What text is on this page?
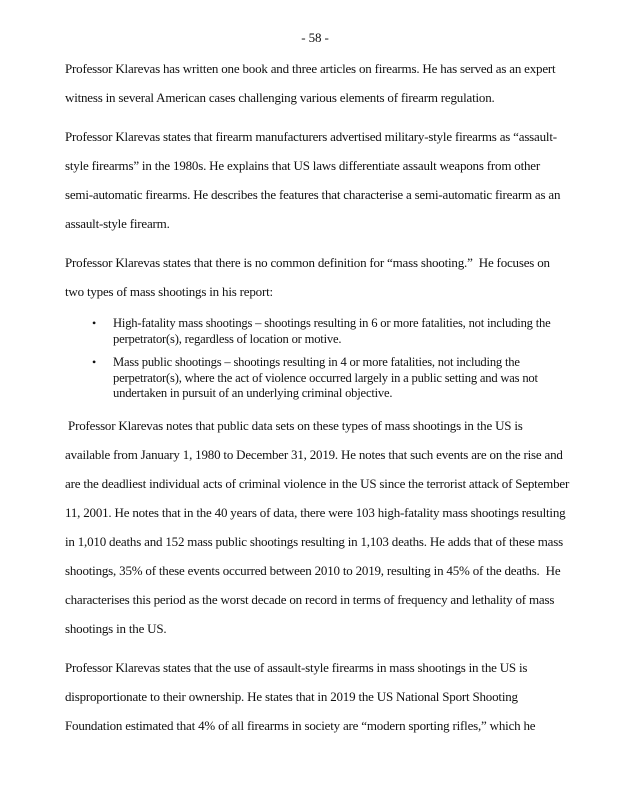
- 58 -
Professor Klarevas has written one book and three articles on firearms. He has served as an expert
witness in several American cases challenging various elements of firearm regulation.
Professor Klarevas states that firearm manufacturers advertised military-style firearms as “assault-
style firearms” in the 1980s. He explains that US laws differentiate assault weapons from other
semi-automatic firearms. He describes the features that characterise a semi-automatic firearm as an
assault-style firearm.
Professor Klarevas states that there is no common definition for “mass shooting.”  He focuses on
two types of mass shootings in his report:
•	High-fatality mass shootings – shootings resulting in 6 or more fatalities, not including the
perpetrator(s), regardless of location or motive.
•	Mass public shootings – shootings resulting in 4 or more fatalities, not including the
perpetrator(s), where the act of violence occurred largely in a public setting and was not
undertaken in pursuit of an underlying criminal objective.
Professor Klarevas notes that public data sets on these types of mass shootings in the US is
available from January 1, 1980 to December 31, 2019. He notes that such events are on the rise and
are the deadliest individual acts of criminal violence in the US since the terrorist attack of September
11, 2001. He notes that in the 40 years of data, there were 103 high-fatality mass shootings resulting
in 1,010 deaths and 152 mass public shootings resulting in 1,103 deaths. He adds that of these mass
shootings, 35% of these events occurred between 2010 to 2019, resulting in 45% of the deaths.  He
characterises this period as the worst decade on record in terms of frequency and lethality of mass
shootings in the US.
Professor Klarevas states that the use of assault-style firearms in mass shootings in the US is
disproportionate to their ownership. He states that in 2019 the US National Sport Shooting
Foundation estimated that 4% of all firearms in society are “modern sporting rifles,” which he
